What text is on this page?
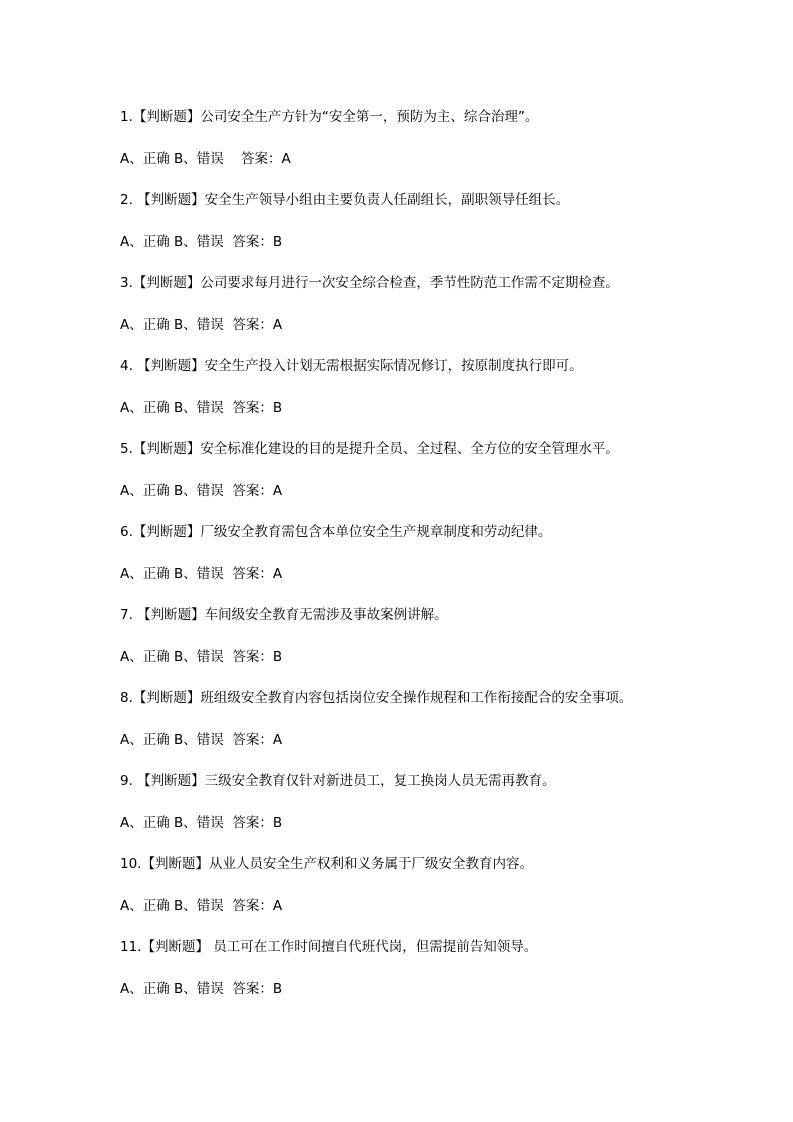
1.【判断题】公司安全生产方针为“安全第一，预防为主、综合治理”。

A、正确 B、错误    答案：A

2. 【判断题】安全生产领导小组由主要负责人任副组长，副职领导任组长。

A、正确 B、错误  答案：B

3.【判断题】公司要求每月进行一次安全综合检查，季节性防范工作需不定期检查。

A、正确 B、错误  答案：A

4. 【判断题】安全生产投入计划无需根据实际情况修订，按原制度执行即可。

A、正确 B、错误  答案：B

5.【判断题】安全标准化建设的目的是提升全员、全过程、全方位的安全管理水平。

A、正确 B、错误  答案：A

6.【判断题】厂级安全教育需包含本单位安全生产规章制度和劳动纪律。

A、正确 B、错误  答案：A

7. 【判断题】车间级安全教育无需涉及事故案例讲解。

A、正确 B、错误  答案：B

8.【判断题】班组级安全教育内容包括岗位安全操作规程和工作衔接配合的安全事项。

A、正确 B、错误  答案：A

9. 【判断题】三级安全教育仅针对新进员工，复工换岗人员无需再教育。

A、正确 B、错误  答案：B

10.【判断题】从业人员安全生产权利和义务属于厂级安全教育内容。

A、正确 B、错误  答案：A

11.【判断题】 员工可在工作时间擅自代班代岗，但需提前告知领导。

A、正确 B、错误  答案：B
